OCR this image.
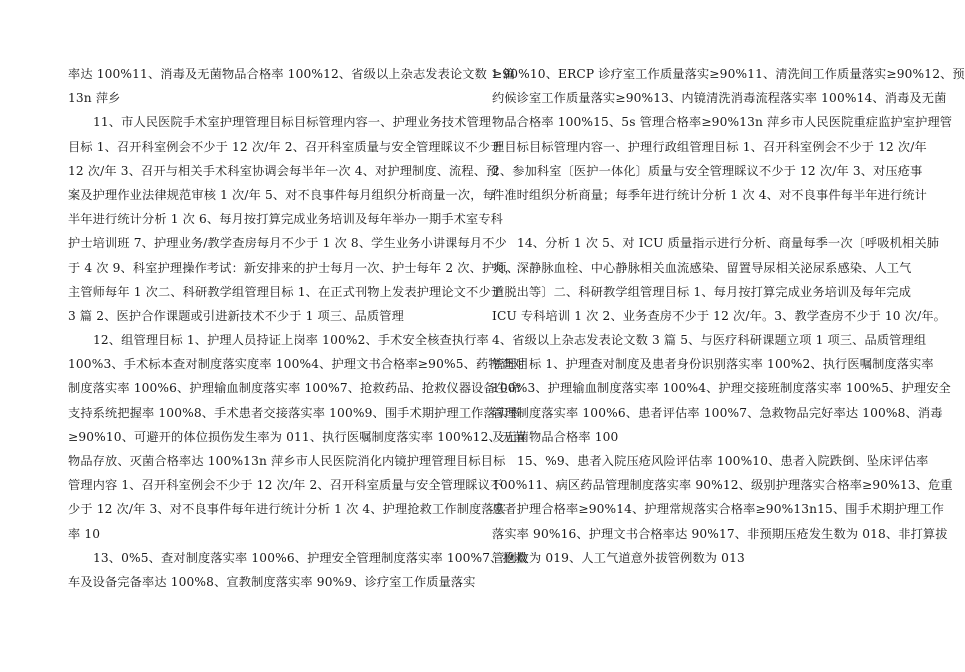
率达 100%11、消毒及无菌物品合格率 100%12、省级以上杂志发表论文数 1 篇
13n 萍乡
11、市人民医院手术室护理管理目标目标管理内容一、护理业务技术管理
目标 1、召开科室例会不少于 12 次/年 2、召开科室质量与安全管理睬议不少于
12 次/年 3、召开与相关手术科室协调会每半年一次 4、对护理制度、流程、预
案及护理作业法律规范审核 1 次/年 5、对不良事件每月组织分析商量一次，每
半年进行统计分析 1 次 6、每月按打算完成业务培训及每年举办一期手术室专科
护士培训班 7、护理业务/教学查房每月不少于 1 次 8、学生业务小讲课每月不少
于 4 次 9、科室护理操作考试：新安排来的护士每月一次、护士每年 2 次、护师、
主管师每年 1 次二、科研教学组管理目标 1、在正式刊物上发表护理论文不少于
3 篇 2、医护合作课题或引进新技术不少于 1 项三、品质管理
12、组管理目标 1、护理人员持证上岗率 100%2、手术安全核查执行率
100%3、手术标本查对制度落实度率 100%4、护理文书合格率≥90%5、药物查对
制度落实率 100%6、护理输血制度落实率 100%7、抢救药品、抢救仪器设备生命
支持系统把握率 100%8、手术患者交接落实率 100%9、围手术期护理工作落实率
≥90%10、可避开的体位损伤发生率为 011、执行医嘱制度落实率 100%12、无菌
物品存放、灭菌合格率达 100%13n 萍乡市人民医院消化内镜护理管理目标目标
管理内容 1、召开科室例会不少于 12 次/年 2、召开科室质量与安全管理睬议不
少于 12 次/年 3、对不良事件每年进行统计分析 1 次 4、护理抢救工作制度落实
率 10
13、0%5、查对制度落实率 100%6、护理安全管理制度落实率 100%7、抢救
车及设备完备率达 100%8、宣教制度落实率 90%9、诊疗室工作质量落实
≥90%10、ERCP 诊疗室工作质量落实≥90%11、清洗间工作质量落实≥90%12、预
约候诊室工作质量落实≥90%13、内镜清洗消毒流程落实率 100%14、消毒及无菌
物品合格率 100%15、5s 管理合格率≥90%13n 萍乡市人民医院重症监护室护理管
理目标目标管理内容一、护理行政组管理目标 1、召开科室例会不少于 12 次/年
2、参加科室〔医护一体化〕质量与安全管理睬议不少于 12 次/年 3、对压疮事
件准时组织分析商量；每季年进行统计分析 1 次 4、对不良事件每半年进行统计
14、分析 1 次 5、对 ICU 质量指示进行分析、商量每季一次〔呼吸机相关肺
炎，深静脉血栓、中心静脉相关血流感染、留置导尿相关泌尿系感染、人工气
道脱出等〕二、科研教学组管理目标 1、每月按打算完成业务培训及每年完成
ICU 专科培训 1 次 2、业务查房不少于 12 次/年。3、教学查房不少于 10 次/年。
4、省级以上杂志发表论文数 3 篇 5、与医疗科研课题立项 1 项三、品质管理组
管理目标 1、护理查对制度及患者身份识别落实率 100%2、执行医嘱制度落实率
100%3、护理输血制度落实率 100%4、护理交接班制度落实率 100%5、护理安全
管理制度落实率 100%6、患者评估率 100%7、急救物品完好率达 100%8、消毒
及无菌物品合格率 100
15、%9、患者入院压疮风险评估率 100%10、患者入院跌倒、坠床评估率
100%11、病区药品管理制度落实率 90%12、级别护理落实合格率≥90%13、危重
患者护理合格率≥90%14、护理常规落实合格率≥90%13n15、围手术期护理工作
落实率 90%16、护理文书合格率达 90%17、非预期压疮发生数为 018、非打算拔
管例数为 019、人工气道意外拔管例数为 013
